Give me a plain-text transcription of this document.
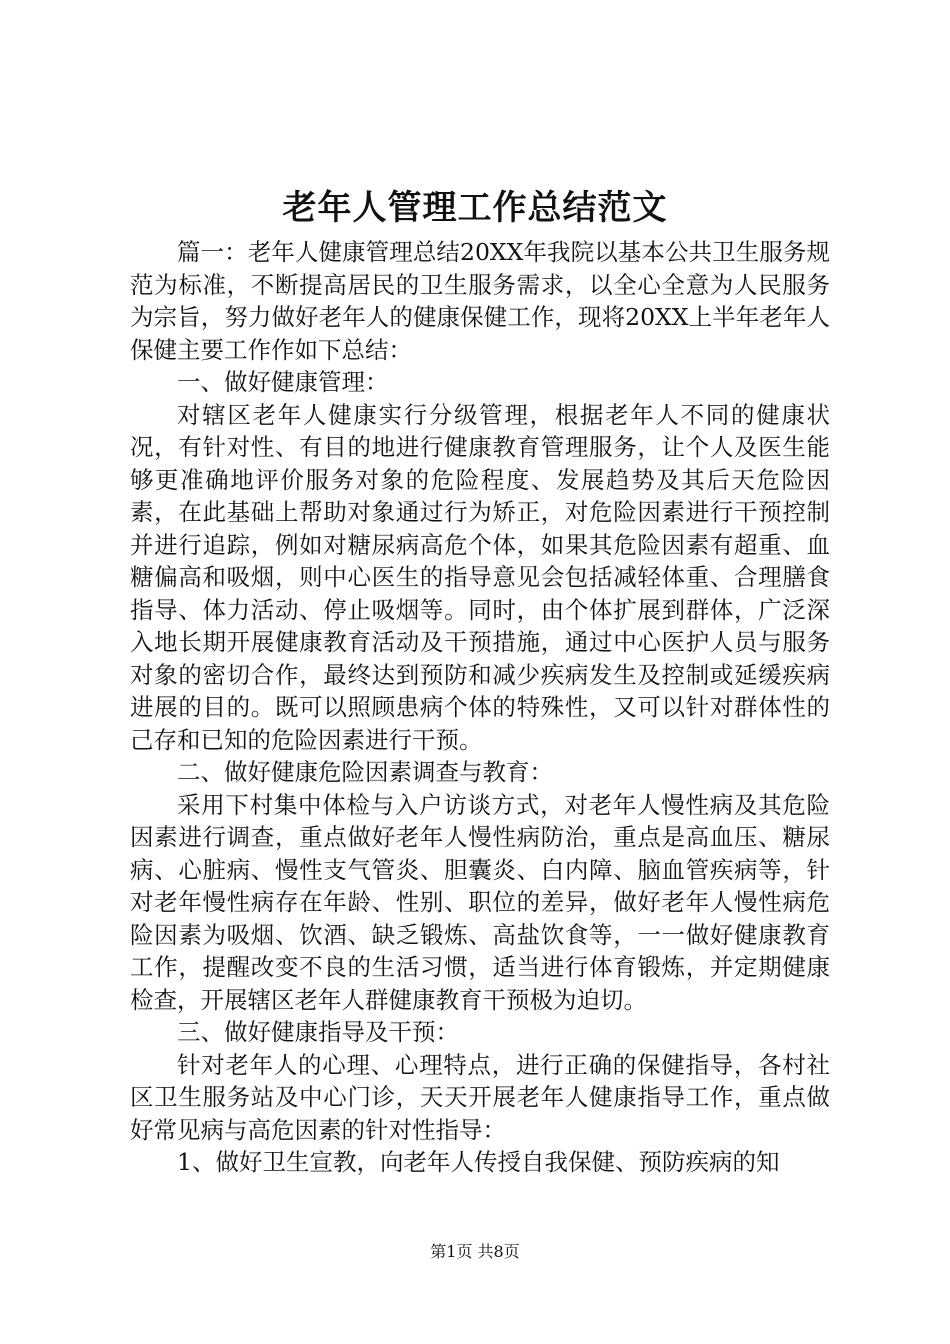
老年人管理工作总结范文

篇一：老年人健康管理总结20XX年我院以基本公共卫生服务规范为标准，不断提高居民的卫生服务需求，以全心全意为人民服务为宗旨，努力做好老年人的健康保健工作，现将20XX上半年老年人保健主要工作作如下总结：

一、做好健康管理：

对辖区老年人健康实行分级管理，根据老年人不同的健康状况，有针对性、有目的地进行健康教育管理服务，让个人及医生能够更准确地评价服务对象的危险程度、发展趋势及其后天危险因素，在此基础上帮助对象通过行为矫正，对危险因素进行干预控制并进行追踪，例如对糖尿病高危个体，如果其危险因素有超重、血糖偏高和吸烟，则中心医生的指导意见会包括减轻体重、合理膳食指导、体力活动、停止吸烟等。同时，由个体扩展到群体，广泛深入地长期开展健康教育活动及干预措施，通过中心医护人员与服务对象的密切合作，最终达到预防和减少疾病发生及控制或延缓疾病进展的目的。既可以照顾患病个体的特殊性，又可以针对群体性的己存和已知的危险因素进行干预。

二、做好健康危险因素调查与教育：

采用下村集中体检与入户访谈方式，对老年人慢性病及其危险因素进行调查，重点做好老年人慢性病防治，重点是高血压、糖尿病、心脏病、慢性支气管炎、胆囊炎、白内障、脑血管疾病等，针对老年慢性病存在年龄、性别、职位的差异，做好老年人慢性病危险因素为吸烟、饮酒、缺乏锻炼、高盐饮食等，一一做好健康教育工作，提醒改变不良的生活习惯，适当进行体育锻炼，并定期健康检查，开展辖区老年人群健康教育干预极为迫切。

三、做好健康指导及干预：

针对老年人的心理、心理特点，进行正确的保健指导，各村社区卫生服务站及中心门诊，天天开展老年人健康指导工作，重点做好常见病与高危因素的针对性指导：

1、做好卫生宣教，向老年人传授自我保健、预防疾病的知

第1页 共8页
